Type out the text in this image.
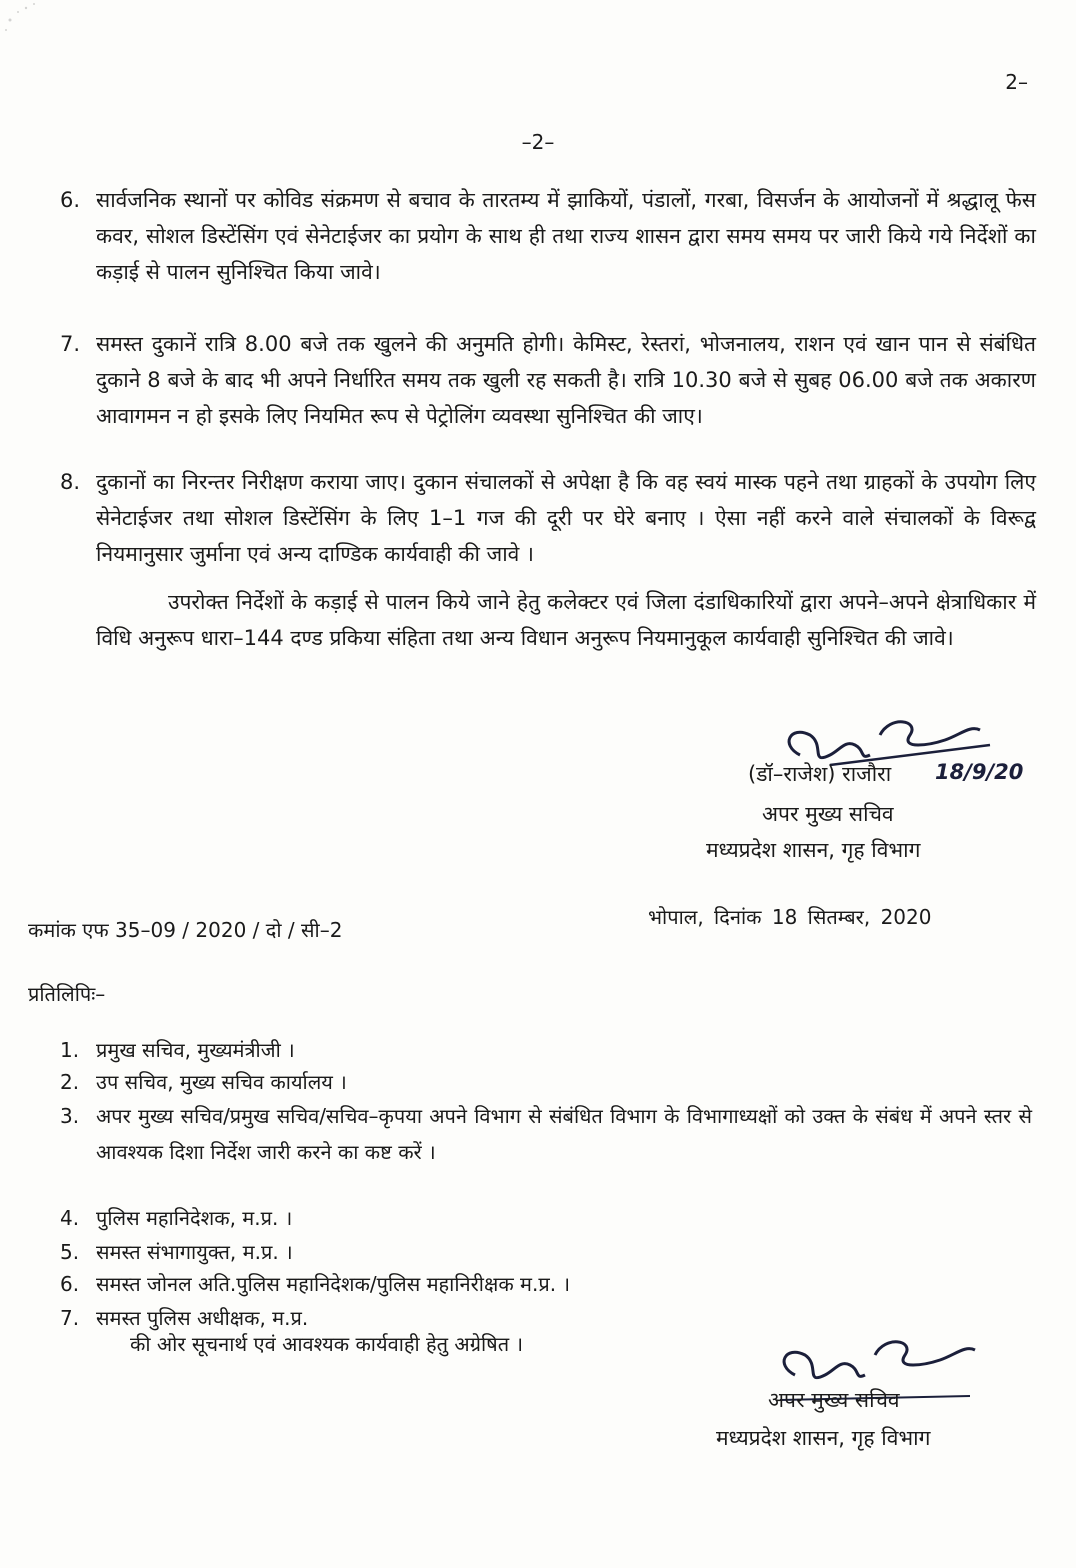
2–
–2–
6. सार्वजनिक स्थानों पर कोविड संक्रमण से बचाव के तारतम्य में झाकियों, पंडालों, गरबा, विसर्जन के आयोजनों में श्रद्धालू फेस कवर, सोशल डिस्टेंसिंग एवं सेनेटाईजर का प्रयोग के साथ ही तथा राज्य शासन द्वारा समय समय पर जारी किये गये निर्देशों का कड़ाई से पालन सुनिश्चित किया जावे।
7. समस्त दुकानें रात्रि 8.00 बजे तक खुलने की अनुमति होगी। केमिस्ट, रेस्तरां, भोजनालय, राशन एवं खान पान से संबंधित दुकाने 8 बजे के बाद भी अपने निर्धारित समय तक खुली रह सकती है। रात्रि 10.30 बजे से सुबह 06.00 बजे तक अकारण आवागमन न हो इसके लिए नियमित रूप से पेट्रोलिंग व्यवस्था सुनिश्चित की जाए।
8. दुकानों का निरन्तर निरीक्षण कराया जाए। दुकान संचालकों से अपेक्षा है कि वह स्वयं मास्क पहने तथा ग्राहकों के उपयोग लिए सेनेटाईजर तथा सोशल डिस्टेंसिंग के लिए 1–1 गज की दूरी पर घेरे बनाए । ऐसा नहीं करने वाले संचालकों के विरूद्व नियमानुसार जुर्माना एवं अन्य दाण्डिक कार्यवाही की जावे ।
उपरोक्त निर्देशों के कड़ाई से पालन किये जाने हेतु कलेक्टर एवं जिला दंडाधिकारियों द्वारा अपने–अपने क्षेत्राधिकार में विधि अनुरूप धारा–144 दण्ड प्रकिया संहिता तथा अन्य विधान अनुरूप नियमानुकूल कार्यवाही सुनिश्चित की जावे।
(डॉ–राजेश) राजौरा 18/9/20
अपर मुख्य सचिव
मध्यप्रदेश शासन, गृह विभाग
कमांक एफ 35–09 / 2020 / दो / सी–2
भोपाल, दिनांक 18 सितम्बर, 2020
प्रतिलिपिः–
1. प्रमुख सचिव, मुख्यमंत्रीजी ।
2. उप सचिव, मुख्य सचिव कार्यालय ।
3. अपर मुख्य सचिव/प्रमुख सचिव/सचिव–कृपया अपने विभाग से संबंधित विभाग के विभागाध्यक्षों को उक्त के संबंध में अपने स्तर से आवश्यक दिशा निर्देश जारी करने का कष्ट करें ।
4. पुलिस महानिदेशक, म.प्र. ।
5. समस्त संभागायुक्त, म.प्र. ।
6. समस्त जोनल अति.पुलिस महानिदेशक/पुलिस महानिरीक्षक म.प्र. ।
7. समस्त पुलिस अधीक्षक, म.प्र.
की ओर सूचनार्थ एवं आवश्यक कार्यवाही हेतु अग्रेषित ।
अपर मुख्य सचिव
मध्यप्रदेश शासन, गृह विभाग
